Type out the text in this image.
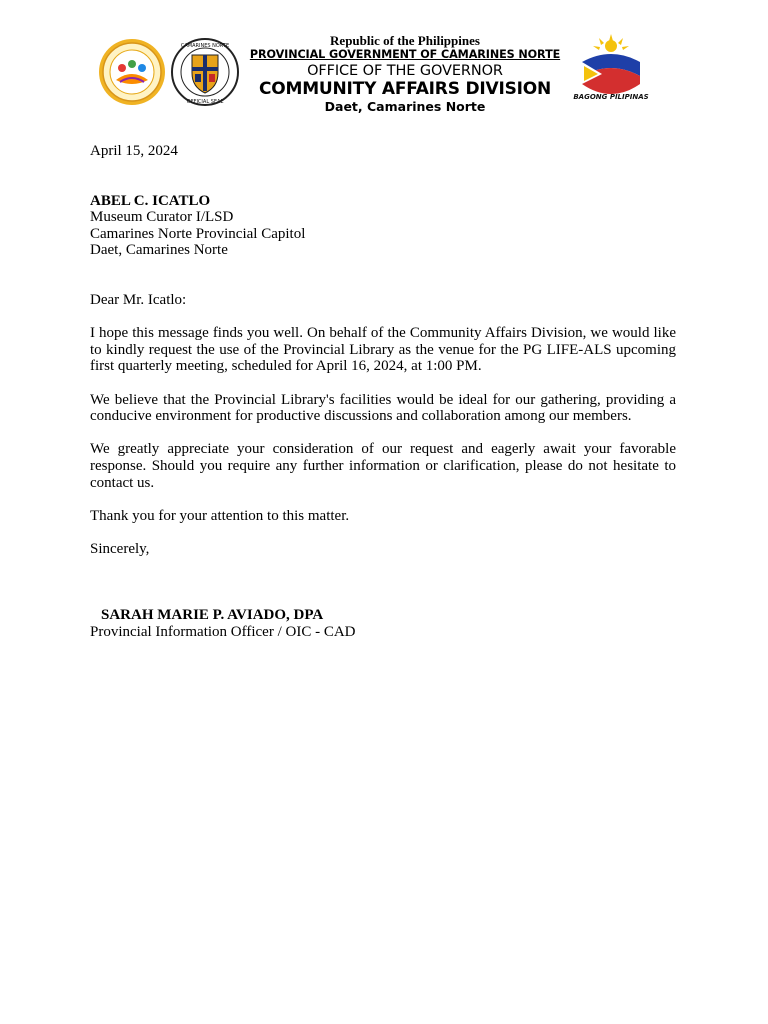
CAMARINES NORTE
OFFICIAL SEAL
Republic of the Philippines
PROVINCIAL GOVERNMENT OF CAMARINES NORTE
OFFICE OF THE GOVERNOR
COMMUNITY AFFAIRS DIVISION
Daet, Camarines Norte
BAGONG PILIPINAS
April 15, 2024
ABEL C. ICATLO
Museum Curator I/LSD
Camarines Norte Provincial Capitol
Daet, Camarines Norte
Dear Mr. Icatlo:
I hope this message finds you well. On behalf of the Community Affairs Division, we would like to kindly request the use of the Provincial Library as the venue for the PG LIFE-ALS upcoming first quarterly meeting, scheduled for April 16, 2024, at 1:00 PM.
We believe that the Provincial Library's facilities would be ideal for our gathering, providing a conducive environment for productive discussions and collaboration among our members.
We greatly appreciate your consideration of our request and eagerly await your favorable response. Should you require any further information or clarification, please do not hesitate to contact us.
Thank you for your attention to this matter.
Sincerely,
SARAH MARIE P. AVIADO, DPA
Provincial Information Officer / OIC - CAD
